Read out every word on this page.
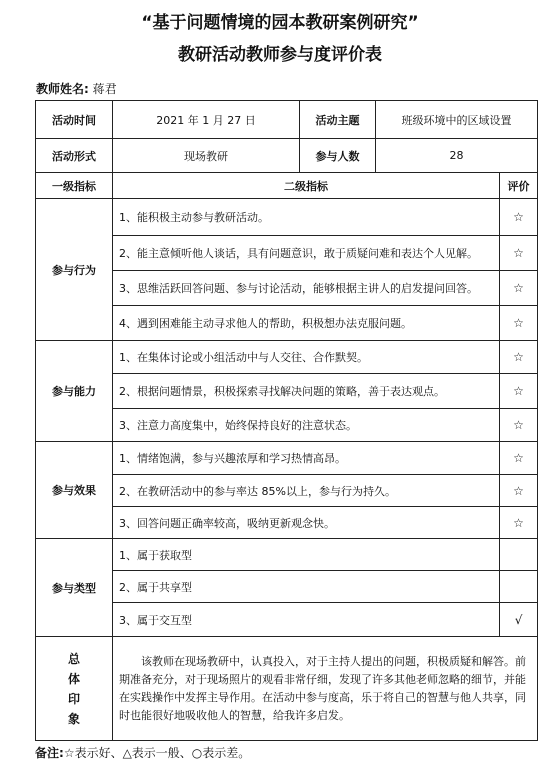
“基于问题情境的园本教研案例研究”
教研活动教师参与度评价表
教师姓名: 蒋君
活动时间	2021 年 1 月 27 日	活动主题	班级环境中的区域设置	
活动形式	现场教研	参与人数	28	
一级指标	二级指标			评价
参与行为	1、能积极主动参与教研活动。			☆
	2、能主意倾听他人谈话，具有问题意识，敢于质疑问难和表达个人见解。			☆
	3、思维活跃回答问题、参与讨论活动，能够根据主讲人的启发提问回答。			☆
	4、遇到困难能主动寻求他人的帮助，积极想办法克服问题。			☆
参与能力	1、在集体讨论或小组活动中与人交往、合作默契。			☆
	2、根据问题情景，积极探索寻找解决问题的策略，善于表达观点。			☆
	3、注意力高度集中，始终保持良好的注意状态。			☆
参与效果	1、情绪饱满，参与兴趣浓厚和学习热情高昂。			☆
	2、在教研活动中的参与率达 85%以上，参与行为持久。			☆
	3、回答问题正确率较高，吸纳更新观念快。			☆
参与类型	1、属于获取型			
	2、属于共享型			
	3、属于交互型			√

总
体
印
象	该教师在现场教研中，认真投入，对于主持人提出的问题，积极质疑和解答。前期准备充分，对于现场照片的观看非常仔细，发现了许多其他老师忽略的细节，并能在实践操作中发挥主导作用。在活动中参与度高，乐于将自己的智慧与他人共享，同时也能很好地吸收他人的智慧，给我许多启发。			
备注:☆表示好、△表示一般、○表示差。
